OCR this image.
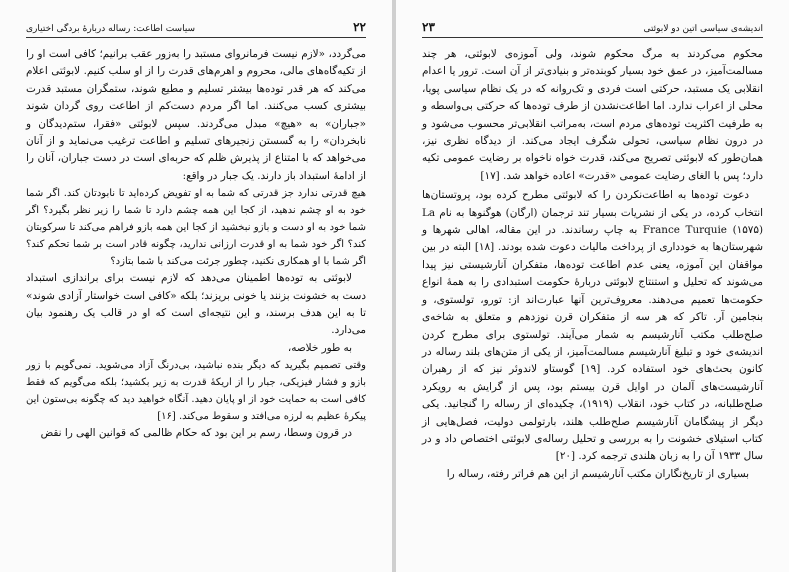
۲۲
سیاست اطاعت: رساله دربارهٔ بردگی اختیاری

می‌گردد، «لازم نیست فرمانروای مستبد را به‌زور عقب برانیم؛ کافی است او را از تکیه‌گاه‌های مالی، محروم و اهرم‌های قدرت را از او سلب کنیم. لابوئتی اعلام می‌کند که هر قدر توده‌ها بیشتر تسلیم و مطیع شوند، ستمگران مستبد قدرت بیشتری کسب می‌کنند. اما اگر مردم دست‌کم از اطاعت روی گردان شوند «جباران» به «هیچ» مبدل می‌گردند. سپس لابوئتی «فقرا، ستم‌دیدگان و نابخردان» را به گسستن زنجیرهای تسلیم و اطاعت ترغیب می‌نماید و از آنان می‌خواهد که با امتناع از پذیرش ظلم که حربه‌ای است در دست جباران، آنان را از ادامهٔ استبداد باز دارند. یک جبار در واقع:

هیچ قدرتی ندارد جز قدرتی که شما به او تفویض کرده‌اید تا نابودتان کند. اگر شما خود به او چشم ندهید، از کجا این همه چشم دارد تا شما را زیر نظر بگیرد؟ اگر شما خود به او دست و بازو نبخشید از کجا این همه بازو فراهم می‌کند تا سرکوبتان کند؟ اگر خود شما به او قدرت ارزانی ندارید، چگونه قادر است بر شما تحکم کند؟ اگر شما با او همکاری نکنید، چطور جرئت می‌کند با شما بتازد؟

لابوئتی به توده‌ها اطمینان می‌دهد که لازم نیست برای براندازی استبداد دست به خشونت بزنند یا خونی بریزند؛ بلکه «کافی است خواستار آزادی شوند» تا به این هدف برسند، و این نتیجه‌ای است که او در قالب یک رهنمود بیان می‌دارد.

به طور خلاصه،

وقتی تصمیم بگیرید که دیگر بنده نباشید، بی‌درنگ آزاد می‌شوید. نمی‌گویم با زور بازو و فشار فیزیکی، جبار را از اریکهٔ قدرت به زیر بکشید؛ بلکه می‌گویم که فقط کافی است به حمایت خود از او پایان دهید. آنگاه خواهید دید که چگونه بی‌ستون این پیکرهٔ عظیم به لرزه می‌افتد و سقوط می‌کند. [۱۶]

در قرون وسطا، رسم بر این بود که حکام ظالمی که قوانین الهی را نقض

اندیشه‌ی سیاسی اتین دو لابوئتی
۲۳

محکوم می‌کردند به مرگ محکوم شوند، ولی آموزه‌ی لابوئتی، هر چند مسالمت‌آمیز، در عمق خود بسیار کوبنده‌تر و بنیادی‌تر از آن است. ترور یا اعدام انقلابی یک مستبد، حرکتی است فردی و تک‌روانه که در یک نظام سیاسی پویا، محلی از اعراب ندارد. اما اطاعت‌نشدن از طرف توده‌ها که حرکتی بی‌واسطه و به طرفیت اکثریت توده‌های مردم است، به‌مراتب انقلابی‌تر محسوب می‌شود و در درون نظام سیاسی، تحولی شگرف ایجاد می‌کند. از دیدگاه نظری نیز، همان‌طور که لابوئتی تصریح می‌کند، قدرت خواه ناخواه بر رضایت عمومی تکیه دارد؛ پس با الغای رضایت عمومی «قدرت» اعاده خواهد شد. [۱۷]

دعوت توده‌ها به اطاعت‌نکردن را که لابوئتی مطرح کرده بود، پروتستان‌ها انتخاب کرده، در یکی از نشریات بسیار تند ترجمان (ارگان) هوگنوها به نام La France Turquie (۱۵۷۵) به چاپ رساندند. در این مقاله، اهالی شهرها و شهرستان‌ها به خودداری از پرداخت مالیات دعوت شده بودند. [۱۸] البته در بین مواقفان این آموزه، یعنی عدم اطاعت توده‌ها، متفکران آنارشیستی نیز پیدا می‌شوند که تحلیل و استنتاج لابوئتی دربارهٔ حکومت استبدادی را به همهٔ انواع حکومت‌ها تعمیم می‌دهند. معروف‌ترین آنها عبارت‌اند از: تورو، تولستوی، و بنجامین آر. تاکر که هر سه از متفکران قرن نوزدهم و متعلق به شاخه‌ی صلح‌طلب مکتب آنارشیسم به شمار می‌آیند. تولستوی برای مطرح کردن اندیشه‌ی خود و تبلیغ آنارشیسم مسالمت‌آمیز، از یکی از متن‌های بلند رساله در کانون بحث‌های خود استفاده کرد. [۱۹] گوستاو لاندوئر نیز که از رهبران آنارشیست‌های آلمان در اوایل قرن بیستم بود، پس از گرایش به رویکرد صلح‌طلبانه، در کتاب خود، انقلاب (۱۹۱۹)، چکیده‌ای از رساله را گنجانید. یکی دیگر از پیشگامان آنارشیسم صلح‌طلب هلند، بارتولمی دولیت، فصل‌هایی از کتاب استیلای خشونت را به بررسی و تحلیل رساله‌ی لابوئتی اختصاص داد و در سال ۱۹۳۳ آن را به زبان هلندی ترجمه کرد. [۲۰]

بسیاری از تاریخ‌نگاران مکتب آنارشیسم از این هم فراتر رفته، رساله را
